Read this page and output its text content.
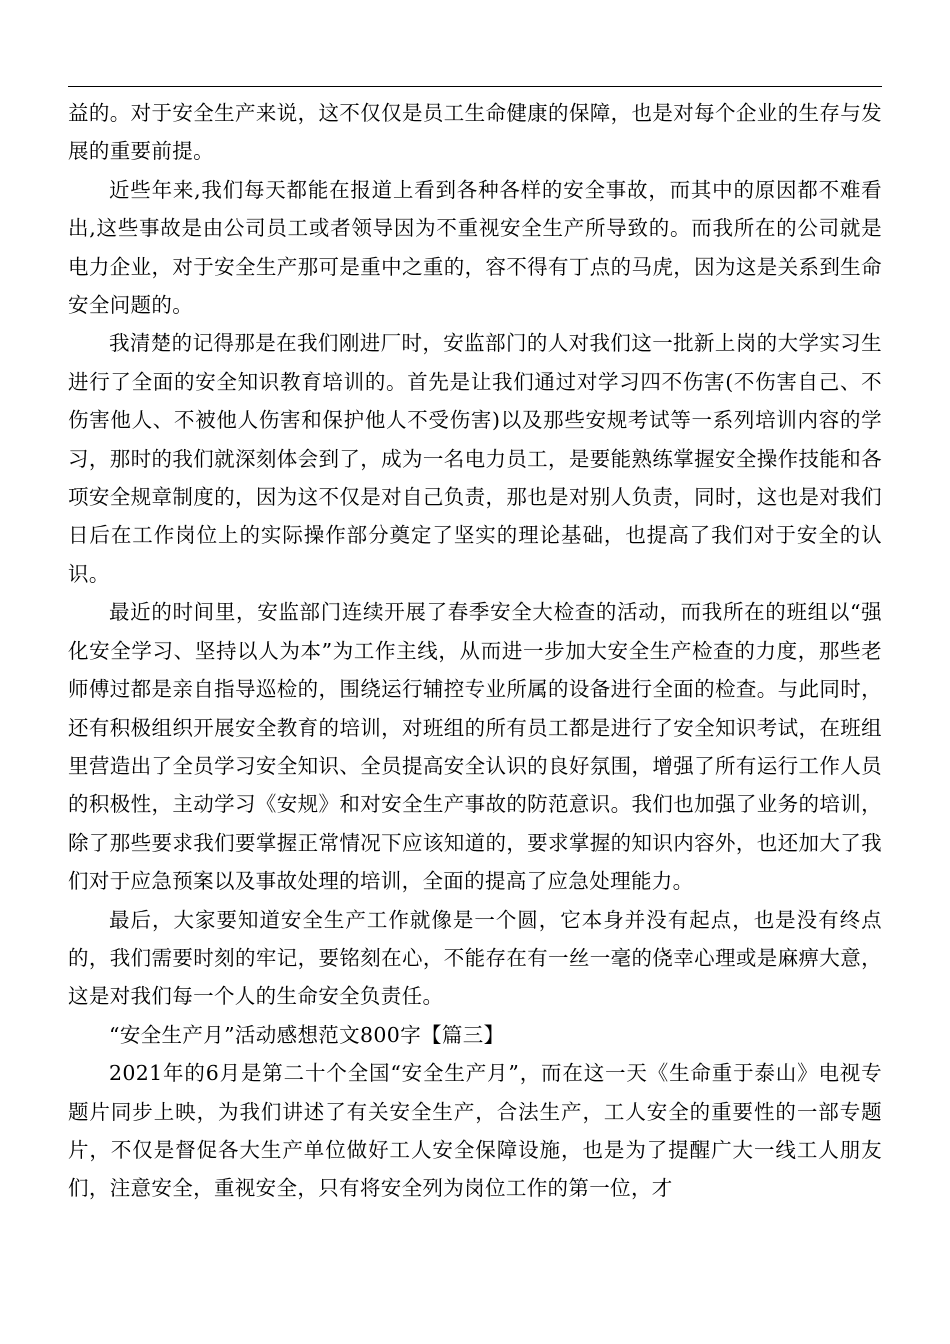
益的。对于安全生产来说，这不仅仅是员工生命健康的保障，也是对每个企业的生存与发展的重要前提。

近些年来,我们每天都能在报道上看到各种各样的安全事故，而其中的原因都不难看出,这些事故是由公司员工或者领导因为不重视安全生产所导致的。而我所在的公司就是电力企业，对于安全生产那可是重中之重的，容不得有丁点的马虎，因为这是关系到生命安全问题的。

我清楚的记得那是在我们刚进厂时，安监部门的人对我们这一批新上岗的大学实习生进行了全面的安全知识教育培训的。首先是让我们通过对学习四不伤害(不伤害自己、不伤害他人、不被他人伤害和保护他人不受伤害)以及那些安规考试等一系列培训内容的学习，那时的我们就深刻体会到了，成为一名电力员工，是要能熟练掌握安全操作技能和各项安全规章制度的，因为这不仅是对自己负责，那也是对别人负责，同时，这也是对我们日后在工作岗位上的实际操作部分奠定了坚实的理论基础，也提高了我们对于安全的认识。

最近的时间里，安监部门连续开展了春季安全大检查的活动，而我所在的班组以“强化安全学习、坚持以人为本”为工作主线，从而进一步加大安全生产检查的力度，那些老师傅过都是亲自指导巡检的，围绕运行辅控专业所属的设备进行全面的检查。与此同时，还有积极组织开展安全教育的培训，对班组的所有员工都是进行了安全知识考试，在班组里营造出了全员学习安全知识、全员提高安全认识的良好氛围，增强了所有运行工作人员的积极性，主动学习《安规》和对安全生产事故的防范意识。我们也加强了业务的培训，除了那些要求我们要掌握正常情况下应该知道的，要求掌握的知识内容外，也还加大了我们对于应急预案以及事故处理的培训，全面的提高了应急处理能力。

最后，大家要知道安全生产工作就像是一个圆，它本身并没有起点，也是没有终点的，我们需要时刻的牢记，要铭刻在心，不能存在有一丝一毫的侥幸心理或是麻痹大意，这是对我们每一个人的生命安全负责任。

“安全生产月”活动感想范文800字【篇三】

2021年的6月是第二十个全国“安全生产月”，而在这一天《生命重于泰山》电视专题片同步上映，为我们讲述了有关安全生产，合法生产，工人安全的重要性的一部专题片，不仅是督促各大生产单位做好工人安全保障设施，也是为了提醒广大一线工人朋友们，注意安全，重视安全，只有将安全列为岗位工作的第一位，才
